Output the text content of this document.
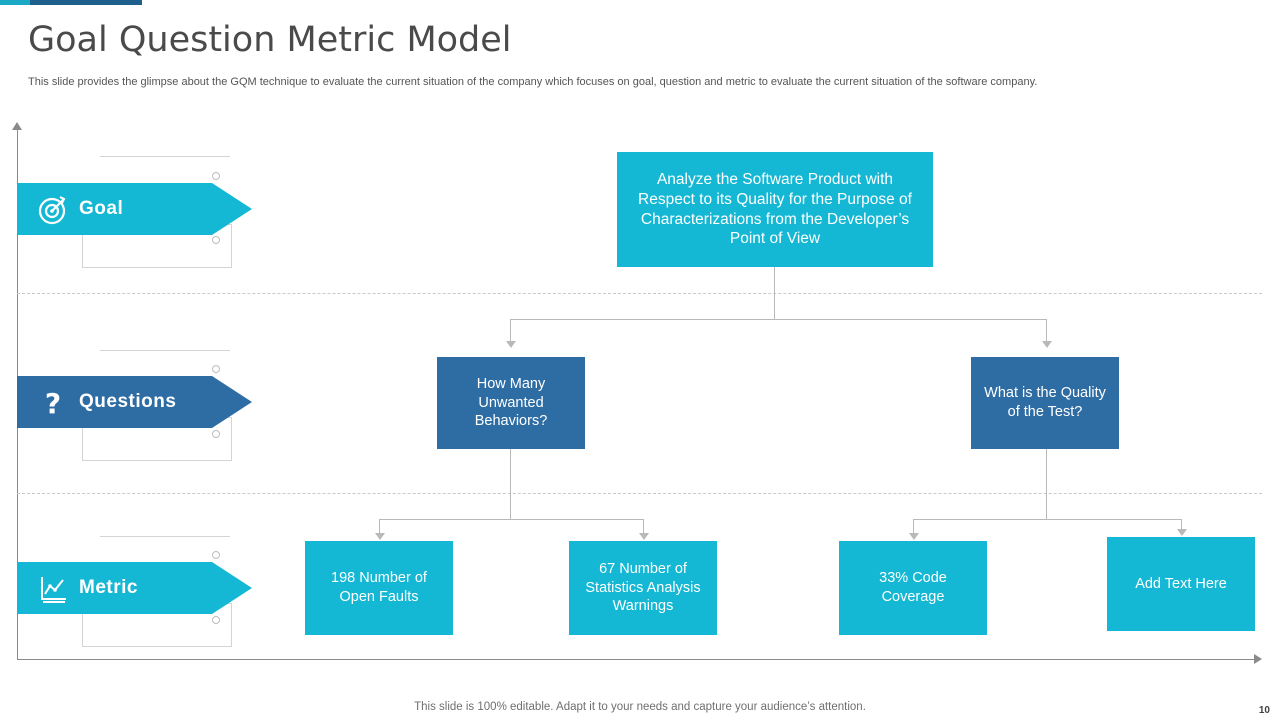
Goal Question Metric Model
This slide provides the glimpse about the GQM technique to evaluate the current situation of the company which focuses on goal, question and metric to evaluate the current situation of the software company.
Goal
Analyze the Software Product with Respect to its Quality for the Purpose of Characterizations from the Developer’s Point of View
? Questions
How Many Unwanted Behaviors?
What is the Quality of the Test?
Metric	198 Number of Open Faults
67 Number of Statistics Analysis Warnings
33% Code Coverage
Add Text Here
This slide is 100% editable. Adapt it to your needs and capture your audience’s attention.	10
